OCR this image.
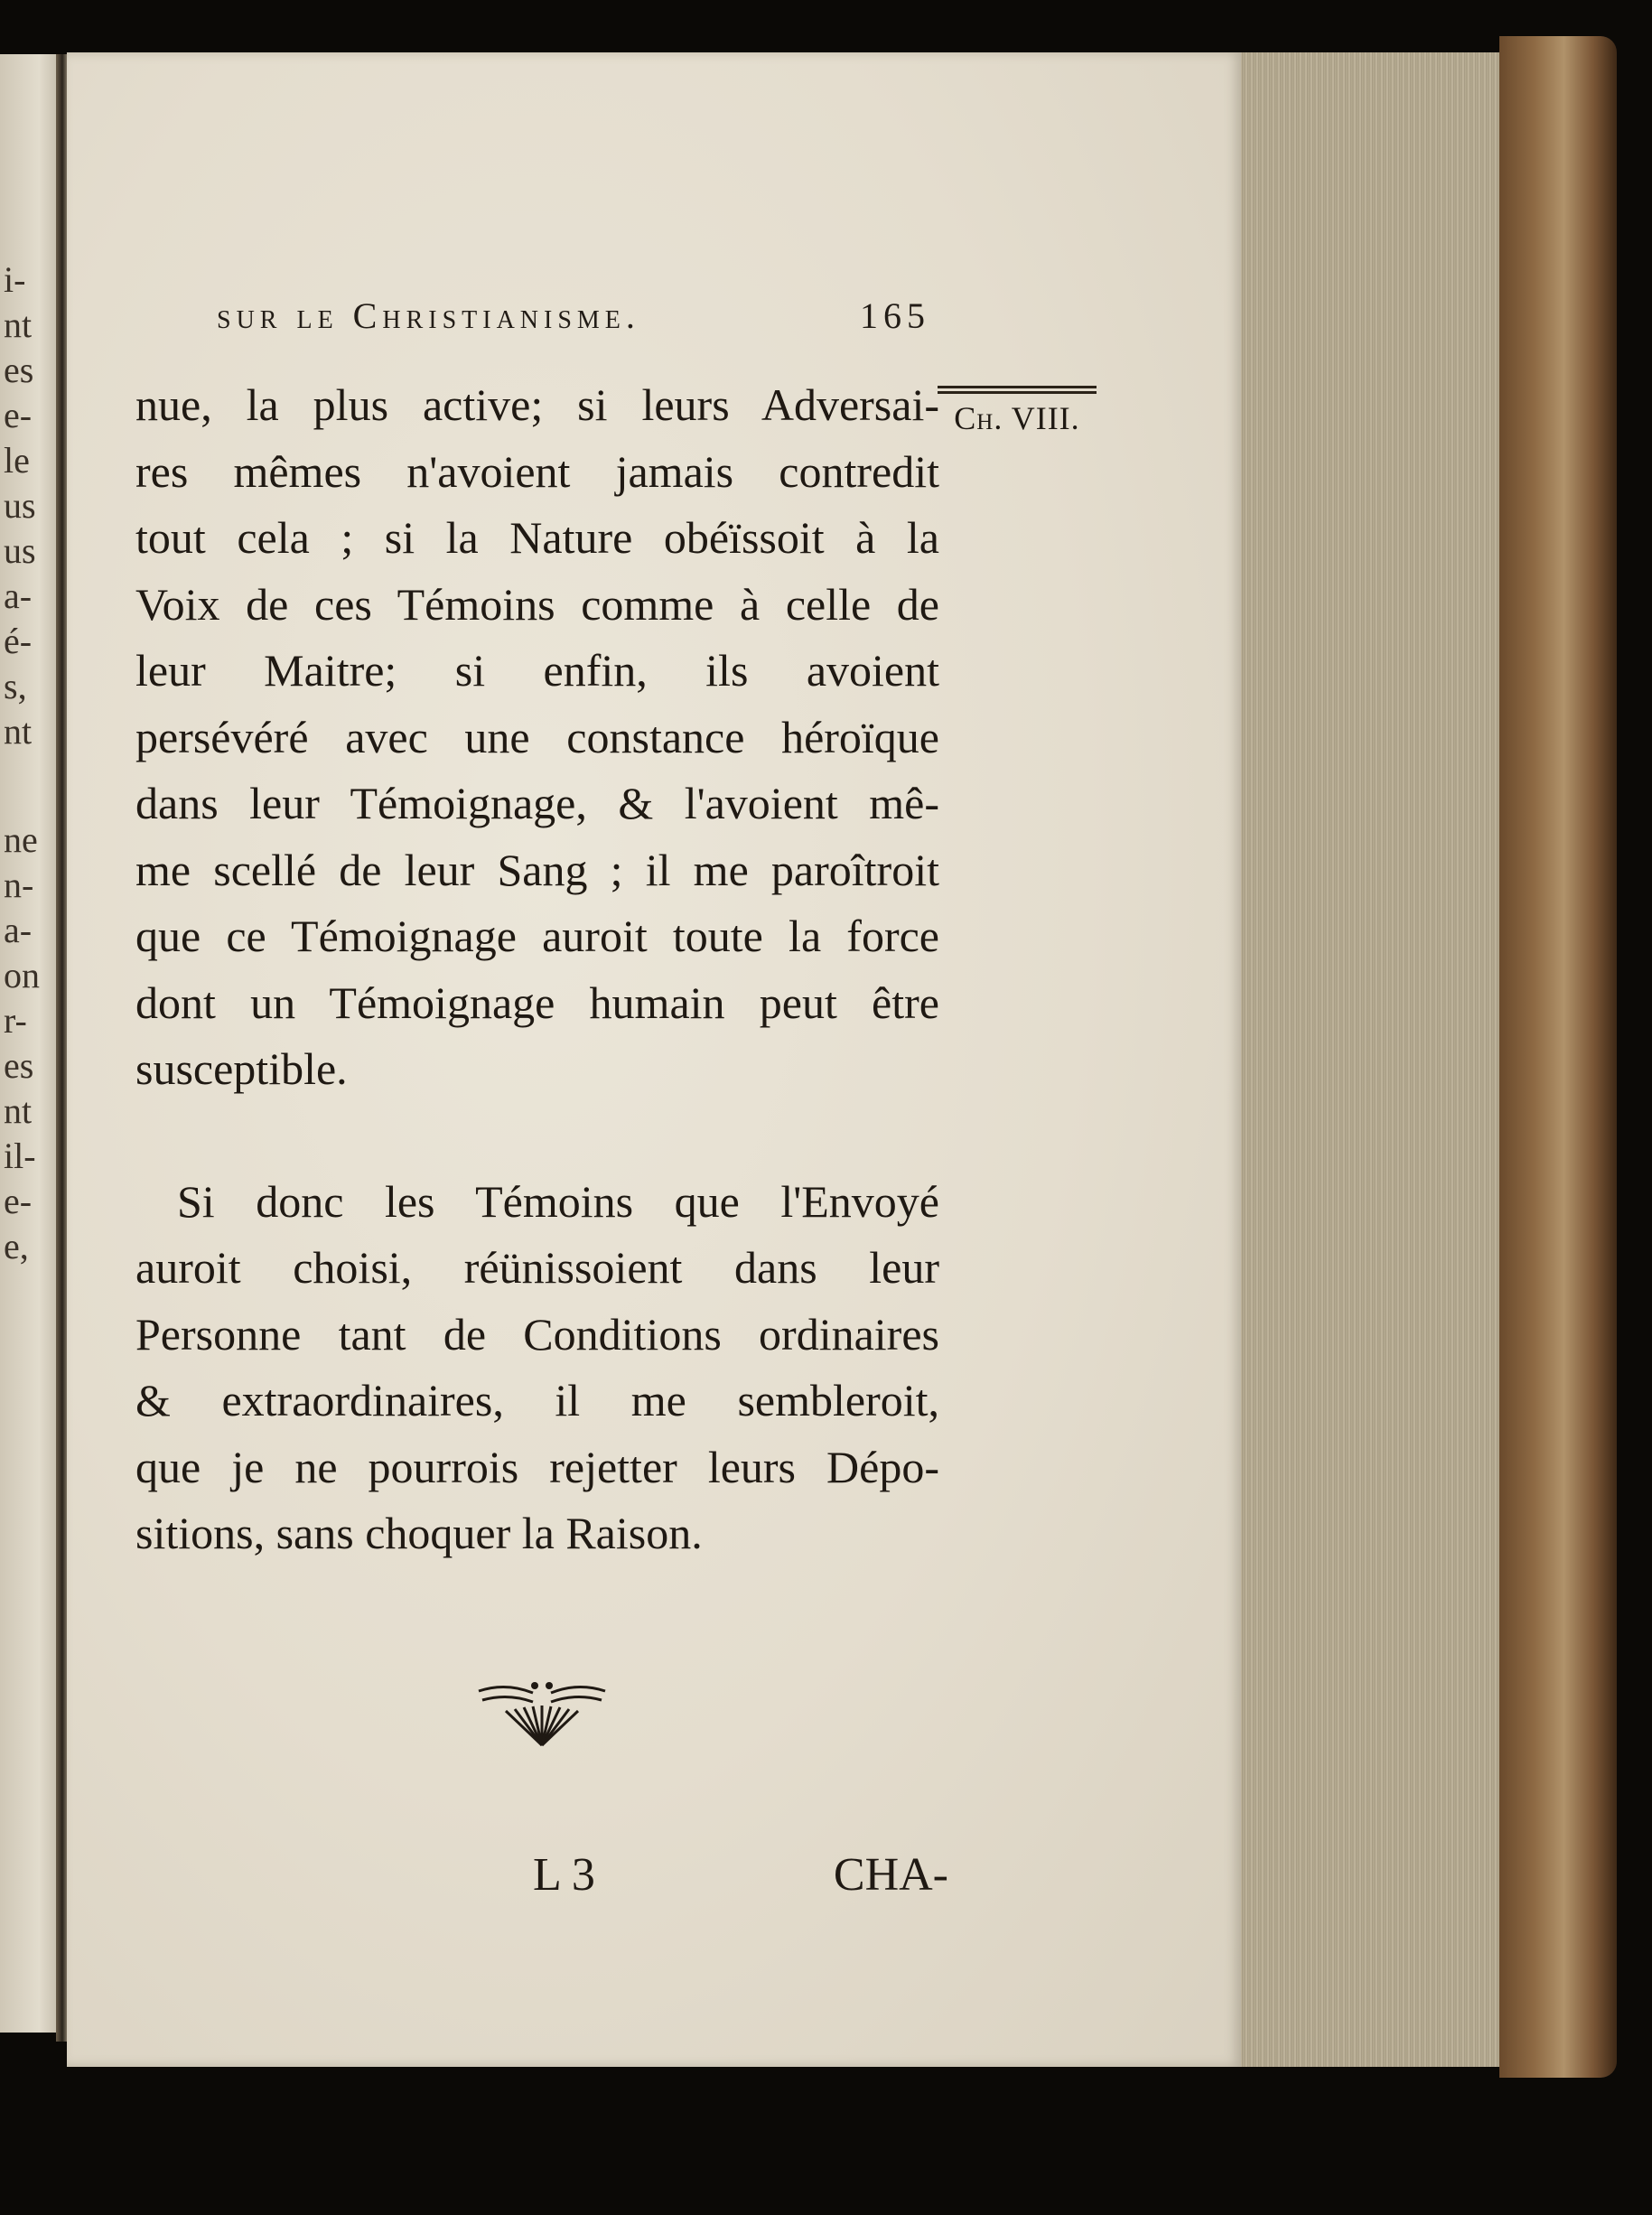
i-
nt
es
e-
le
us
us
a-
é-
s,
nt
ne
n-
a-
on
r-
es
nt
il-
e-
e,
sur le Christianisme.	165
Ch. VIII.
nue, la plus active; si leurs Adversai-
res mêmes n'avoient jamais contredit
tout cela ; si la Nature obéïssoit à la
Voix de ces Témoins comme à celle de
leur Maitre; si enfin, ils avoient
persévéré avec une constance héroïque
dans leur Témoignage, & l'avoient mê-
me scellé de leur Sang ; il me paroîtroit
que ce Témoignage auroit toute la force
dont un Témoignage humain peut être
susceptible.
Si donc les Témoins que l'Envoyé
auroit choisi, réünissoient dans leur
Personne tant de Conditions ordinaires
& extraordinaires, il me sembleroit,
que je ne pourrois rejetter leurs Dépo-
sitions, sans choquer la Raison.
L 3	CHA-
